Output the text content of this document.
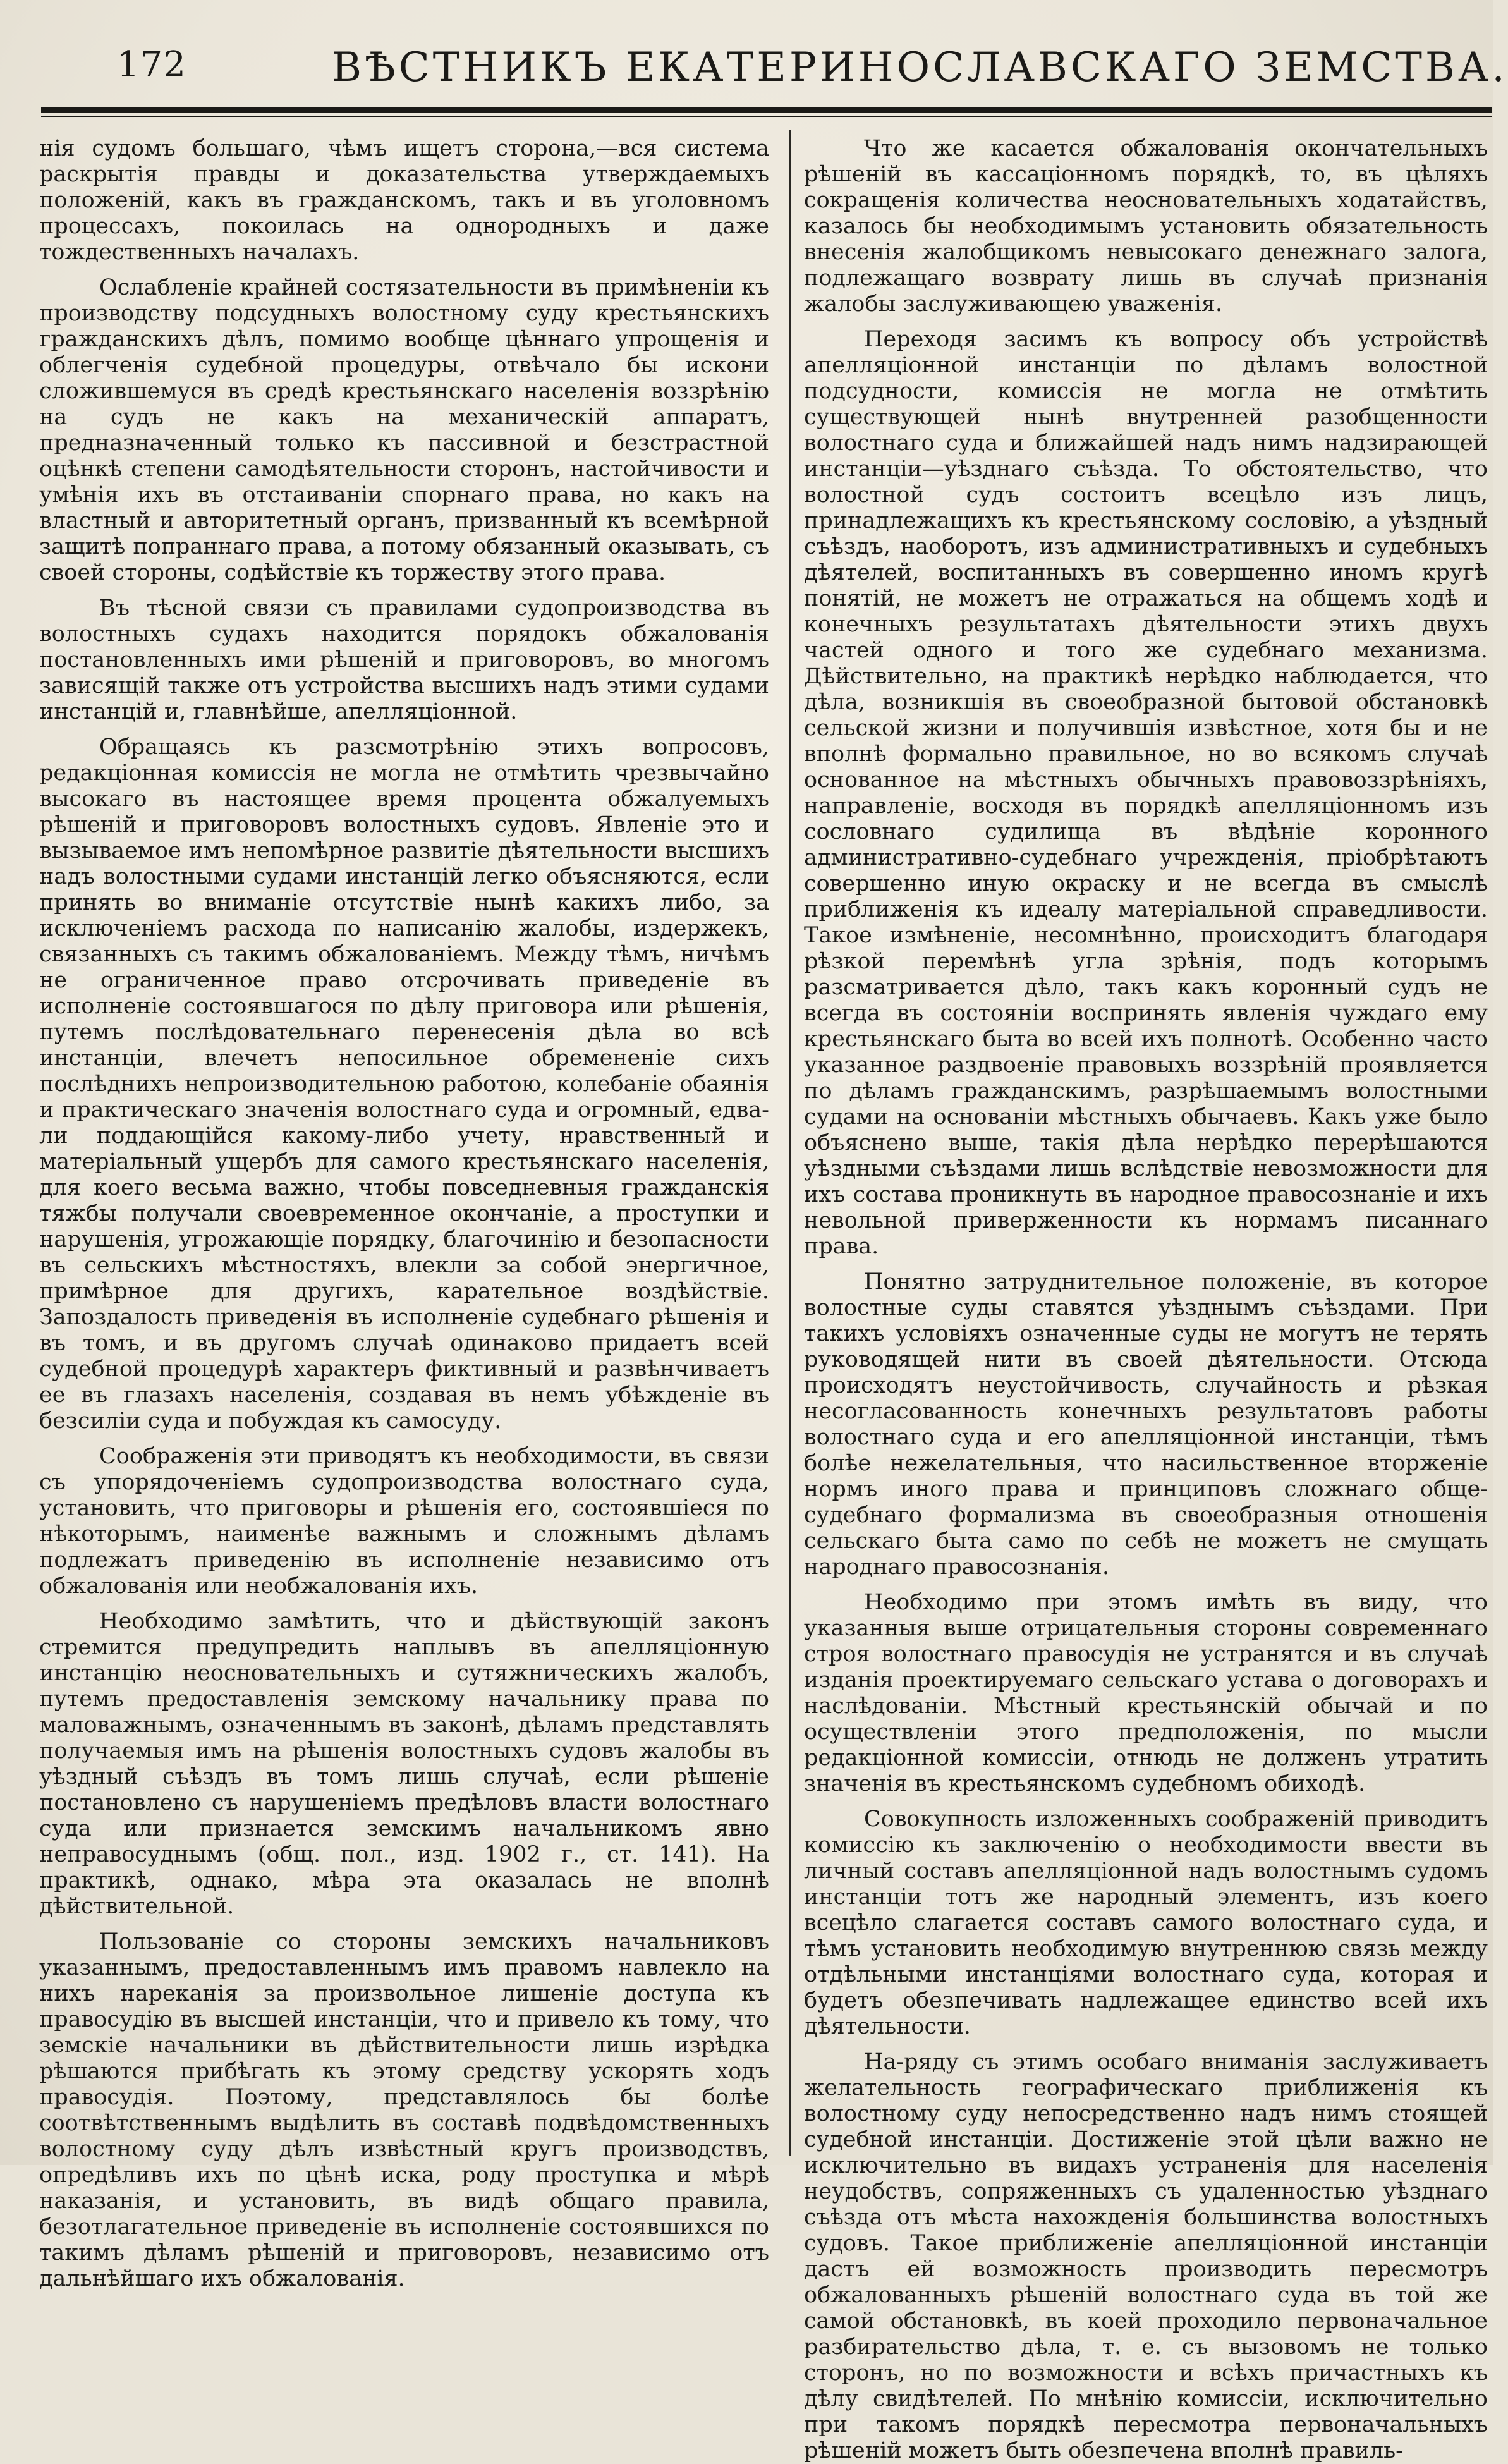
172	ВѢСТНИКЪ ЕКАТЕРИНОСЛАВСКАГО ЗЕМСТВА.

нія судомъ большаго, чѣмъ ищетъ сторона,—вся система раскрытія правды и доказательства утверждаемыхъ положеній, какъ въ гражданскомъ, такъ и въ уголовномъ процессахъ, покоилась на однородныхъ и даже тождественныхъ началахъ.

Ослабленіе крайней состязательности въ примѣненіи къ производству подсудныхъ волостному суду крестьянскихъ гражданскихъ дѣлъ, помимо вообще цѣннаго упрощенія и облегченія судебной процедуры, отвѣчало бы искони сложившемуся въ средѣ крестьянскаго населенія воззрѣнію на судъ не какъ на механическій аппаратъ, предназначенный только къ пассивной и безстрастной оцѣнкѣ степени самодѣятельности сторонъ, настойчивости и умѣнія ихъ въ отстаиваніи спорнаго права, но какъ на властный и авторитетный органъ, призванный къ всемѣрной защитѣ попраннаго права, а потому обязанный оказывать, съ своей стороны, содѣйствіе къ торжеству этого права.

Въ тѣсной связи съ правилами судопроизводства въ волостныхъ судахъ находится порядокъ обжалованія постановленныхъ ими рѣшеній и приговоровъ, во многомъ зависящій также отъ устройства высшихъ надъ этими судами инстанцій и, главнѣйше, апелляціонной.

Обращаясь къ разсмотрѣнію этихъ вопросовъ, редакціонная комиссія не могла не отмѣтить чрезвычайно высокаго въ настоящее время процента обжалуемыхъ рѣшеній и приговоровъ волостныхъ судовъ. Явленіе это и вызываемое имъ непомѣрное развитіе дѣятельности высшихъ надъ волостными судами инстанцій легко объясняются, если принять во вниманіе отсутствіе нынѣ какихъ либо, за исключеніемъ расхода по написанію жалобы, издержекъ, связанныхъ съ такимъ обжалованіемъ. Между тѣмъ, ничѣмъ не ограниченное право отсрочивать приведеніе въ исполненіе состоявшагося по дѣлу приговора или рѣшенія, путемъ послѣдовательнаго перенесенія дѣла во всѣ инстанціи, влечетъ непосильное обремененіе сихъ послѣднихъ непроизводительною работою, колебаніе обаянія и практическаго значенія волостнаго суда и огромный, едва-ли поддающійся какому-либо учету, нравственный и матеріальный ущербъ для самого крестьянскаго населенія, для коего весьма важно, чтобы повседневныя гражданскія тяжбы получали своевременное окончаніе, а проступки и нарушенія, угрожающіе порядку, благочинію и безопасности въ сельскихъ мѣстностяхъ, влекли за собой энергичное, примѣрное для другихъ, карательное воздѣйствіе. Запоздалость приведенія въ исполненіе судебнаго рѣшенія и въ томъ, и въ другомъ случаѣ одинаково придаетъ всей судебной процедурѣ характеръ фиктивный и развѣнчиваетъ ее въ глазахъ населенія, создавая въ немъ убѣжденіе въ безсиліи суда и побуждая къ самосуду.

Соображенія эти приводятъ къ необходимости, въ связи съ упорядоченіемъ судопроизводства волостнаго суда, установить, что приговоры и рѣшенія его, состоявшіеся по нѣкоторымъ, наименѣе важнымъ и сложнымъ дѣламъ подлежатъ приведенію въ исполненіе независимо отъ обжалованія или необжалованія ихъ.

Необходимо замѣтить, что и дѣйствующій законъ стремится предупредить наплывъ въ апелляціонную инстанцію неосновательныхъ и сутяжническихъ жалобъ, путемъ предоставленія земскому начальнику права по маловажнымъ, означеннымъ въ законѣ, дѣламъ представлять получаемыя имъ на рѣшенія волостныхъ судовъ жалобы въ уѣздный съѣздъ въ томъ лишь случаѣ, если рѣшеніе постановлено съ нарушеніемъ предѣловъ власти волостнаго суда или признается земскимъ начальникомъ явно неправосуднымъ (общ. пол., изд. 1902 г., ст. 141). На практикѣ, однако, мѣра эта оказалась не вполнѣ дѣйствительной.

Пользованіе со стороны земскихъ начальниковъ указаннымъ, предоставленнымъ имъ правомъ навлекло на нихъ нареканія за произвольное лишеніе доступа къ правосудію въ высшей инстанціи, что и привело къ тому, что земскіе начальники въ дѣйствительности лишь изрѣдка рѣшаются прибѣгать къ этому средству ускорять ходъ правосудія. Поэтому, представлялось бы болѣе соотвѣтственнымъ выдѣлить въ составѣ подвѣдомственныхъ волостному суду дѣлъ извѣстный кругъ производствъ, опредѣливъ ихъ по цѣнѣ иска, роду проступка и мѣрѣ наказанія, и установить, въ видѣ общаго правила, безотлагательное приведеніе въ исполненіе состоявшихся по такимъ дѣламъ рѣшеній и приговоровъ, независимо отъ дальнѣйшаго ихъ обжалованія.

Что же касается обжалованія окончательныхъ рѣшеній въ кассаціонномъ порядкѣ, то, въ цѣляхъ сокращенія количества неосновательныхъ ходатайствъ, казалось бы необходимымъ установить обязательность внесенія жалобщикомъ невысокаго денежнаго залога, подлежащаго возврату лишь въ случаѣ признанія жалобы заслуживающею уваженія.

Переходя засимъ къ вопросу объ устройствѣ апелляціонной инстанціи по дѣламъ волостной подсудности, комиссія не могла не отмѣтить существующей нынѣ внутренней разобщенности волостнаго суда и ближайшей надъ нимъ надзирающей инстанціи—уѣзднаго съѣзда. То обстоятельство, что волостной судъ состоитъ всецѣло изъ лицъ, принадлежащихъ къ крестьянскому сословію, а уѣздный съѣздъ, наоборотъ, изъ административныхъ и судебныхъ дѣятелей, воспитанныхъ въ совершенно иномъ кругѣ понятій, не можетъ не отражаться на общемъ ходѣ и конечныхъ результатахъ дѣятельности этихъ двухъ частей одного и того же судебнаго механизма. Дѣйствительно, на практикѣ нерѣдко наблюдается, что дѣла, возникшія въ своеобразной бытовой обстановкѣ сельской жизни и получившія извѣстное, хотя бы и не вполнѣ формально правильное, но во всякомъ случаѣ основанное на мѣстныхъ обычныхъ правовоззрѣніяхъ, направленіе, восходя въ порядкѣ апелляціонномъ изъ сословнаго судилища въ вѣдѣніе коронного административно-судебнаго учрежденія, пріобрѣтаютъ совершенно иную окраску и не всегда въ смыслѣ приближенія къ идеалу матеріальной справедливости. Такое измѣненіе, несомнѣнно, происходитъ благодаря рѣзкой перемѣнѣ угла зрѣнія, подъ которымъ разсматривается дѣло, такъ какъ коронный судъ не всегда въ состояніи воспринять явленія чуждаго ему крестьянскаго быта во всей ихъ полнотѣ. Особенно часто указанное раздвоеніе правовыхъ воззрѣній проявляется по дѣламъ гражданскимъ, разрѣшаемымъ волостными судами на основаніи мѣстныхъ обычаевъ. Какъ уже было объяснено выше, такія дѣла нерѣдко перерѣшаются уѣздными съѣздами лишь вслѣдствіе невозможности для ихъ состава проникнуть въ народное правосознаніе и ихъ невольной приверженности къ нормамъ писаннаго права.

Понятно затруднительное положеніе, въ которое волостные суды ставятся уѣзднымъ съѣздами. При такихъ условіяхъ означенные суды не могутъ не терять руководящей нити въ своей дѣятельности. Отсюда происходятъ неустойчивость, случайность и рѣзкая несогласованность конечныхъ результатовъ работы волостнаго суда и его апелляціонной инстанціи, тѣмъ болѣе нежелательныя, что насильственное вторженіе нормъ иного права и принциповъ сложнаго обще-судебнаго формализма въ своеобразныя отношенія сельскаго быта само по себѣ не можетъ не смущать народнаго правосознанія.

Необходимо при этомъ имѣть въ виду, что указанныя выше отрицательныя стороны современнаго строя волостнаго правосудія не устранятся и въ случаѣ изданія проектируемаго сельскаго устава о договорахъ и наслѣдованіи. Мѣстный крестьянскій обычай и по осуществленіи этого предположенія, по мысли редакціонной комиссіи, отнюдь не долженъ утратить значенія въ крестьянскомъ судебномъ обиходѣ.

Совокупность изложенныхъ соображеній приводитъ комиссію къ заключенію о необходимости ввести въ личный составъ апелляціонной надъ волостнымъ судомъ инстанціи тотъ же народный элементъ, изъ коего всецѣло слагается составъ самого волостнаго суда, и тѣмъ установить необходимую внутреннюю связь между отдѣльными инстанціями волостнаго суда, которая и будетъ обезпечивать надлежащее единство всей ихъ дѣятельности.

На-ряду съ этимъ особаго вниманія заслуживаетъ желательность географическаго приближенія къ волостному суду непосредственно надъ нимъ стоящей судебной инстанціи. Достиженіе этой цѣли важно не исключительно въ видахъ устраненія для населенія неудобствъ, сопряженныхъ съ удаленностью уѣзднаго съѣзда отъ мѣста нахожденія большинства волостныхъ судовъ. Такое приближеніе апелляціонной инстанціи дастъ ей возможность производить пересмотръ обжалованныхъ рѣшеній волостнаго суда въ той же самой обстановкѣ, въ коей проходило первоначальное разбирательство дѣла, т. е. съ вызовомъ не только сторонъ, но по возможности и всѣхъ причастныхъ къ дѣлу свидѣтелей. По мнѣнію комиссіи, исключительно при такомъ порядкѣ пересмотра первоначальныхъ рѣшеній можетъ быть обезпечена вполнѣ правиль-
